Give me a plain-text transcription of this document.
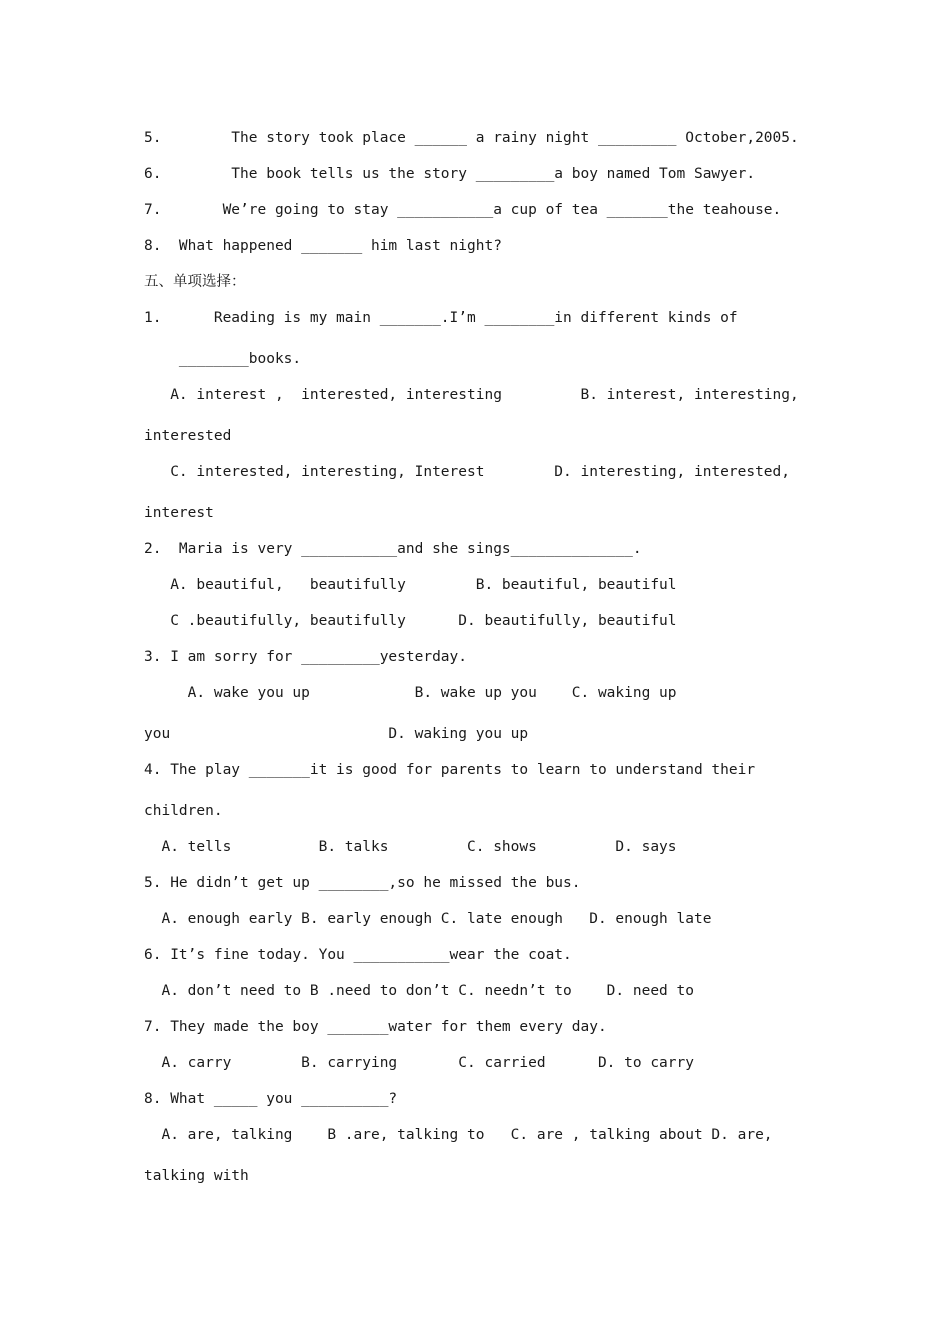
5.        The story took place ______ a rainy night _________ October,2005.
6.        The book tells us the story _________a boy named Tom Sawyer.
7.       We’re going to stay ___________a cup of tea _______the teahouse.
8.  What happened _______ him last night?
五、单项选择：
1.      Reading is my main _______.I’m ________in different kinds of
________books.
A. interest ,  interested, interesting         B. interest, interesting,
interested
C. interested, interesting, Interest        D. interesting, interested,
interest
2.  Maria is very ___________and she sings______________.
A. beautiful,   beautifully        B. beautiful, beautiful
C .beautifully, beautifully      D. beautifully, beautiful
3. I am sorry for _________yesterday.
A. wake you up            B. wake up you    C. waking up
you                         D. waking you up
4. The play _______it is good for parents to learn to understand their
children.
A. tells          B. talks         C. shows         D. says
5. He didn’t get up ________,so he missed the bus.
A. enough early B. early enough C. late enough   D. enough late
6. It’s fine today. You ___________wear the coat.
A. don’t need to B .need to don’t C. needn’t to    D. need to
7. They made the boy _______water for them every day.
A. carry        B. carrying       C. carried      D. to carry
8. What _____ you __________?
A. are, talking    B .are, talking to   C. are , talking about D. are,
talking with
